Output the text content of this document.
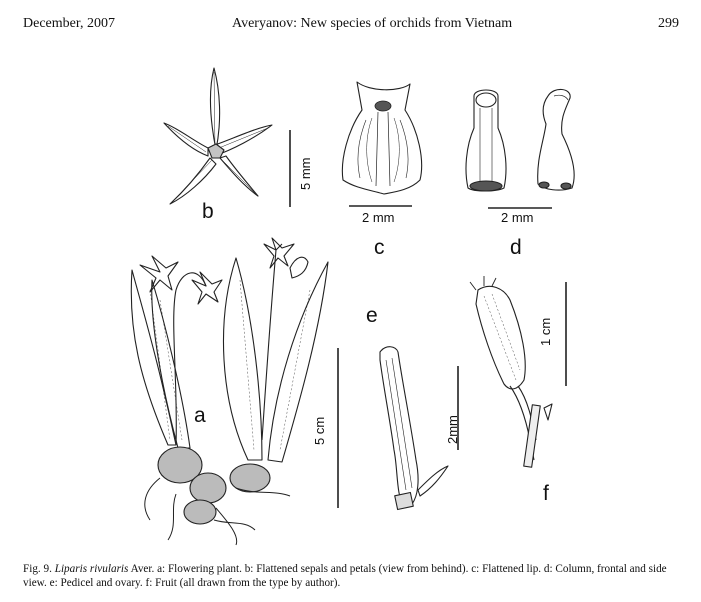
December, 2007	Averyanov: New species of orchids from Vietnam	299
b
c	d
a
e
f
5 mm
2 mm	2 mm
5 cm	2mm
1 cm
Fig. 9. Liparis rivularis Aver. a: Flowering plant. b: Flattened sepals and petals (view from behind). c: Flattened lip. d: Column, frontal and side view. e: Pedicel and ovary. f: Fruit (all drawn from the type by author).
